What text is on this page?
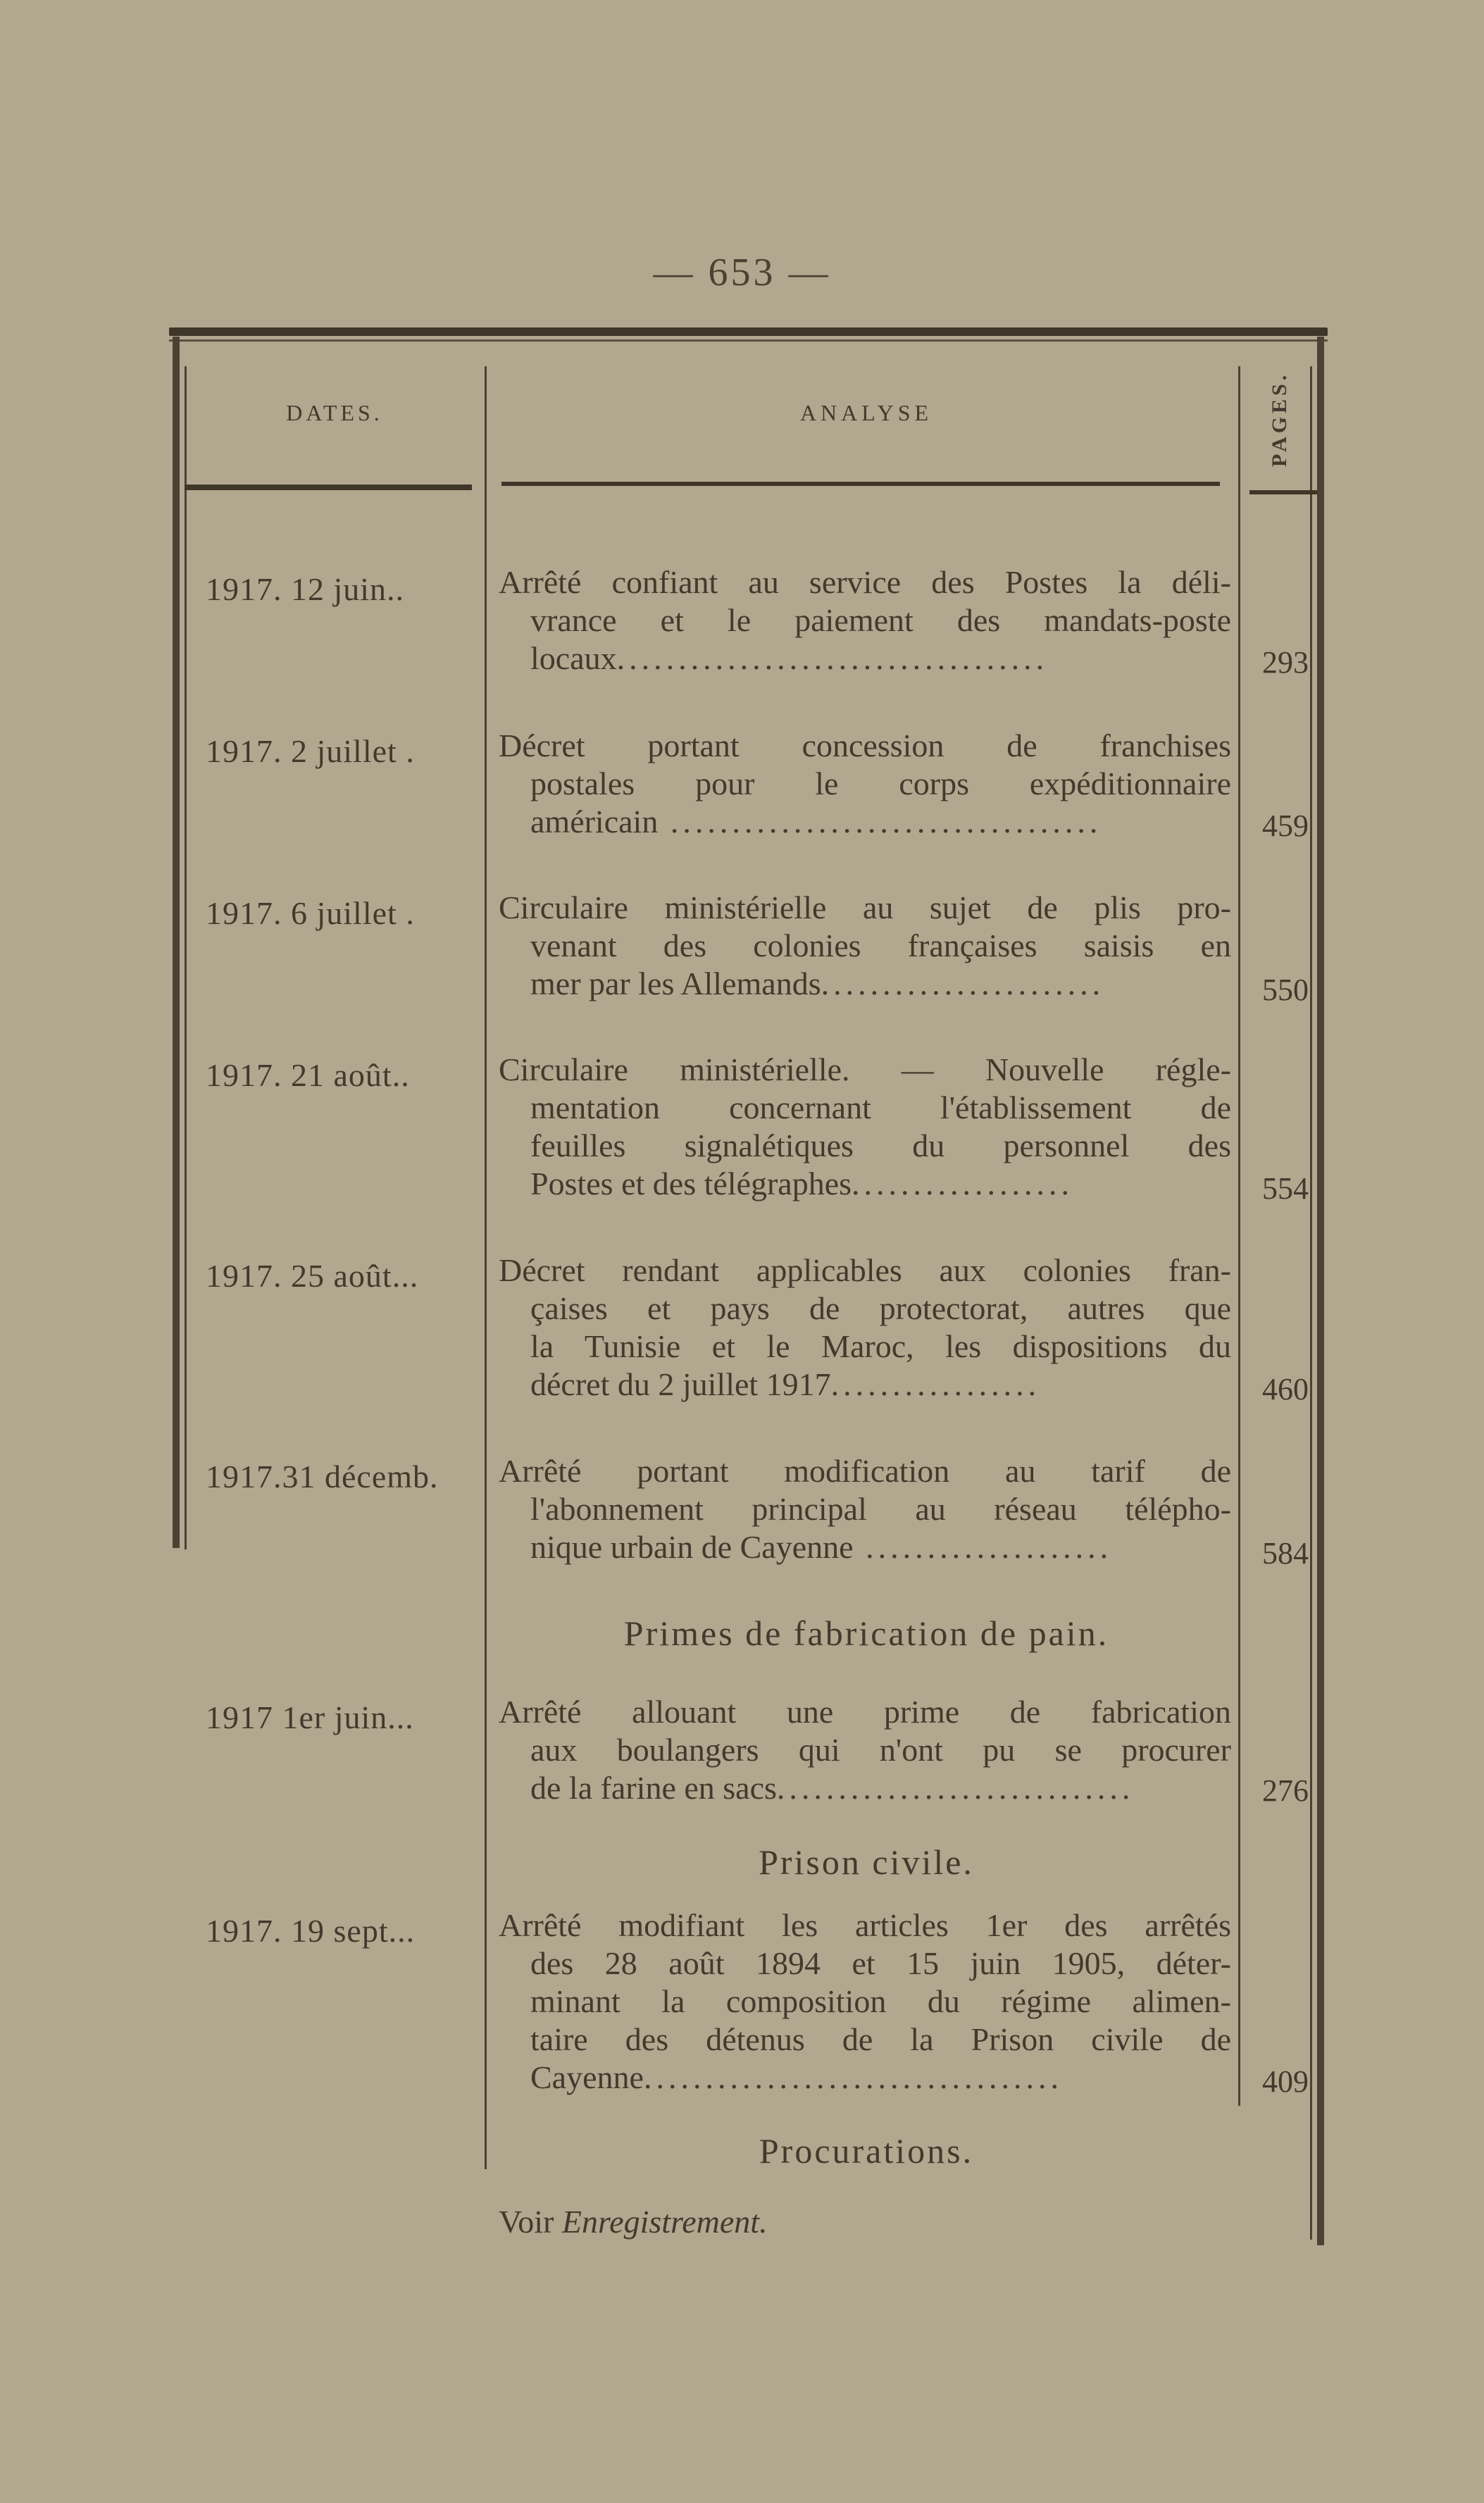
— 653 —
DATES.	ANALYSE	PAGES.
1917. 12 juin..	Arrêté confiant au service des Postes la déli-
vrance et le paiement des mandats-poste
locaux...................................	293
1917. 2 juillet .	Décret portant concession de franchises
postales pour le corps expéditionnaire
américain ...................................	459
1917. 6 juillet .	Circulaire ministérielle au sujet de plis pro-
venant des colonies françaises saisis en
mer par les Allemands.......................	550
1917. 21 août..	Circulaire ministérielle. — Nouvelle régle-
mentation concernant l'établissement de
feuilles signalétiques du personnel des
Postes et des télégraphes..................	554
1917. 25 août... Décret rendant applicables aux colonies fran-
çaises et pays de protectorat, autres que
la Tunisie et le Maroc, les dispositions du
décret du 2 juillet 1917.................	460
1917.31 décemb. Arrêté portant modification au tarif de
l'abonnement principal au réseau télépho-
nique urbain de Cayenne ....................	584
Primes de fabrication de pain.
1917 1er juin...	Arrêté allouant une prime de fabrication
aux boulangers qui n'ont pu se procurer
de la farine en sacs.............................	276
Prison civile.
1917. 19 sept...	Arrêté modifiant les articles 1er des arrêtés
des 28 août 1894 et 15 juin 1905, déter-
minant la composition du régime alimen-
taire des détenus de la Prison civile de
Cayenne..................................	409
Procurations.
Voir Enregistrement.
